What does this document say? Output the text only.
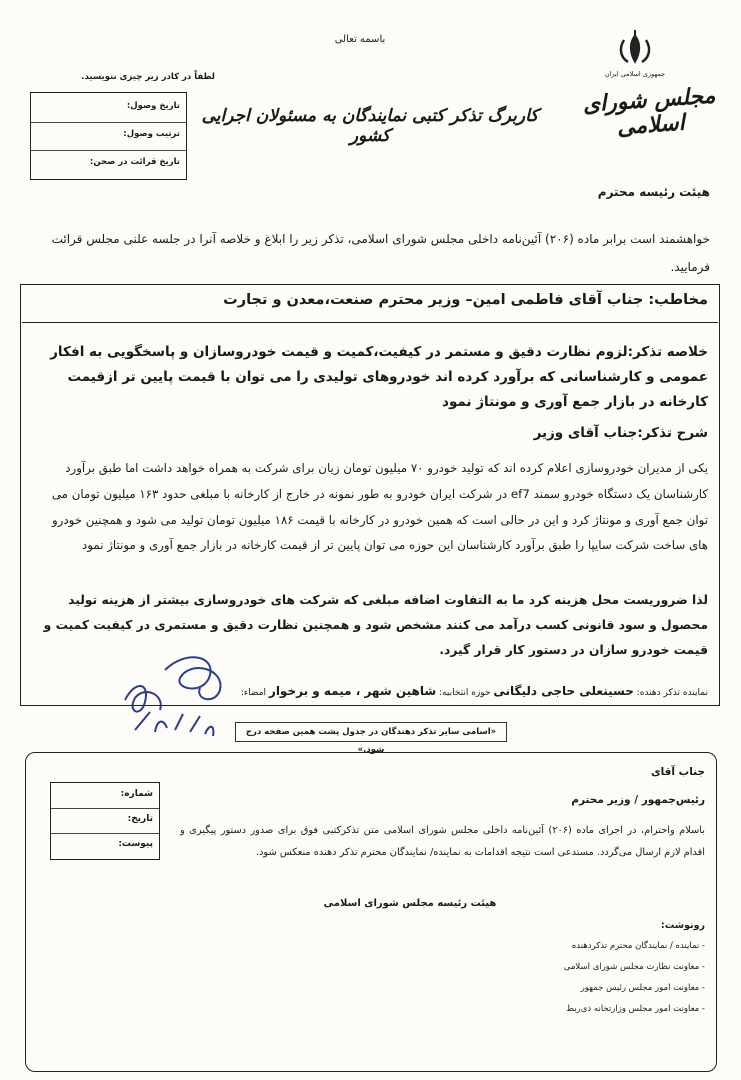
باسمه تعالی
لطفاً در کادر زیر چیزی ننویسید.
تاریخ وصول:
ترتیب وصول:
تاریخ قرائت در صحن:
کاربرگ تذکر کتبی نمایندگان به مسئولان اجرایی کشور
جمهوری اسلامی ایران
مجلس شورای اسلامی
هیئت رئیسه محترم
خواهشمند است برابر ماده (۲۰۶) آئین‌نامه داخلی مجلس شورای اسلامی، تذکر زیر را ابلاغ و خلاصه آنرا در جلسه علنی مجلس قرائت فرمایید.
مخاطب: جناب آقای فاطمی امین– وزیر محترم صنعت،معدن و تجارت
خلاصه تذکر:لزوم نظارت دقیق و مستمر در کیفیت،کمیت و قیمت خودروسازان و پاسخگویی به افکار عمومی و کارشناسانی که برآورد کرده اند خودروهای تولیدی را می توان با قیمت پایین تر ازقیمت کارخانه در بازار جمع آوری و مونتاژ نمود
شرح تذکر:جناب آقای وزیر
یکی از مدیران خودروسازی اعلام کرده اند که تولید خودرو ۷۰ میلیون تومان زیان برای شرکت به همراه خواهد داشت اما طبق برآورد کارشناسان یک دستگاه خودرو سمند ef7 در شرکت ایران خودرو به طور نمونه در خارج از کارخانه با مبلغی حدود ۱۶۳ میلیون تومان می توان جمع آوری و مونتاژ کرد و این در حالی است که همین خودرو در کارخانه با قیمت ۱۸۶ میلیون تومان تولید می شود و همچنین خودرو های ساخت شرکت سایپا را طبق برآورد کارشناسان این حوزه می توان پایین تر از قیمت کارخانه در بازار جمع آوری و مونتاژ نمود
لذا ضروریست محل هزینه کرد ما به التفاوت اضافه مبلغی که شرکت های خودروسازی بیشتر از هزینه تولید محصول و سود قانونی کسب درآمد می کنند مشخص شود و همچنین نظارت دقیق و مستمری در کیفیت کمیت و قیمت خودرو سازان در دستور کار قرار گیرد.
نماینده تذکر دهنده: حسینعلی حاجی دلیگانی حوزه انتخابیه: شاهین شهر ، میمه و برخوار امضاء:
«اسامی سایر تذکر دهندگان در جدول پشت همین صفحه درج شود.»
جناب آقای
رئیس‌جمهور / وزیر محترم
شماره:
تاریخ:
پیوست:
باسلام واحترام، در اجرای ماده (۲۰۶) آئین‌نامه داخلی مجلس شورای اسلامی متن تذکرکتبی فوق برای صدور دستور پیگیری و اقدام لازم ارسال می‌گردد. مستدعی است نتیجه اقدامات به نماینده/ نمایندگان محترم تذکر دهنده منعکس شود.
هیئت رئیسه مجلس شورای اسلامی
رونوشت:
- نماینده / نمایندگان محترم تذکردهنده
- معاونت نظارت مجلس شورای اسلامی
- معاونت امور مجلس رئیس جمهور
- معاونت امور مجلس وزارتخانه ذی‌ربط
